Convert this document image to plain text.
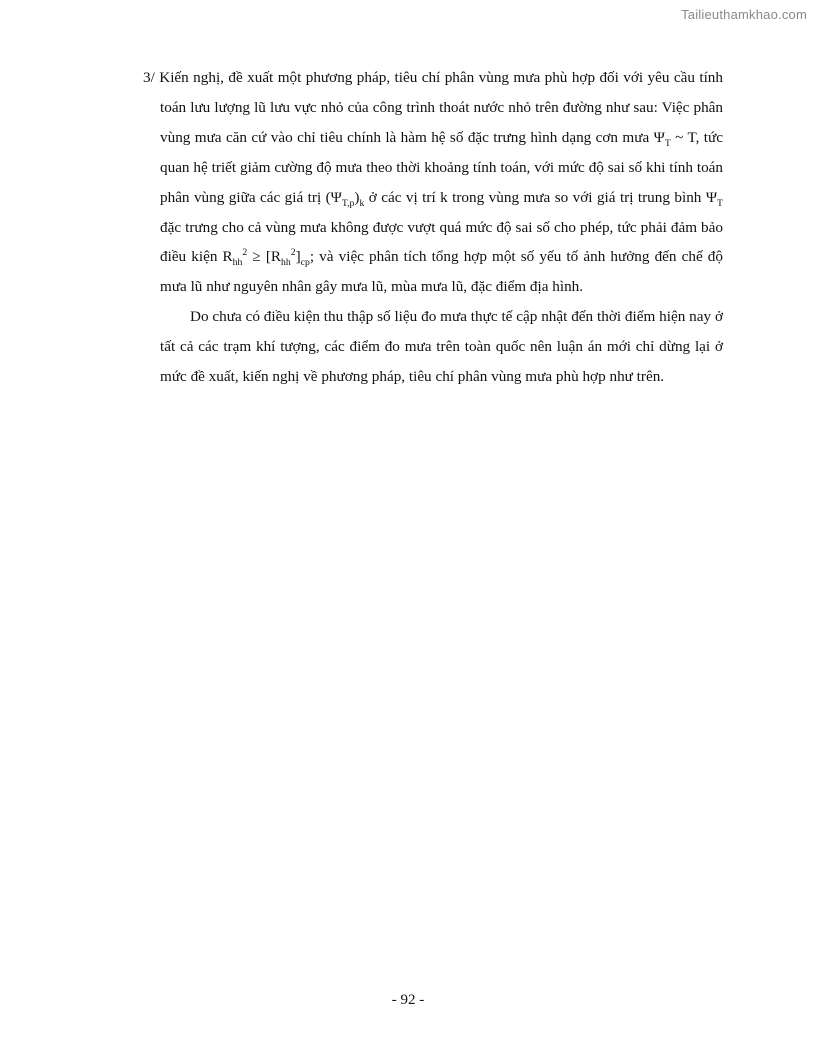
Tailieuthamkhao.com

3/ Kiến nghị, đề xuất một phương pháp, tiêu chí phân vùng mưa phù hợp đối với yêu cầu tính toán lưu lượng lũ lưu vực nhỏ của công trình thoát nước nhỏ trên đường như sau: Việc phân vùng mưa căn cứ vào chỉ tiêu chính là hàm hệ số đặc trưng hình dạng cơn mưa $\Psi_T$ ~ T, tức quan hệ triết giảm cường độ mưa theo thời khoảng tính toán, với mức độ sai số khi tính toán phân vùng giữa các giá trị $(\Psi_{T,p})_k$ ở các vị trí k trong vùng mưa so với giá trị trung bình $\Psi_T$ đặc trưng cho cả vùng mưa không được vượt quá mức độ sai số cho phép, tức phải đảm bảo điều kiện $R_{hh}^2 \ge [R_{hh}^2]_{cp}$; và việc phân tích tổng hợp một số yếu tố ảnh hưởng đến chế độ mưa lũ như nguyên nhân gây mưa lũ, mùa mưa lũ, đặc điểm địa hình.

Do chưa có điều kiện thu thập số liệu đo mưa thực tế cập nhật đến thời điểm hiện nay ở tất cả các trạm khí tượng, các điểm đo mưa trên toàn quốc nên luận án mới chỉ dừng lại ở mức đề xuất, kiến nghị về phương pháp, tiêu chí phân vùng mưa phù hợp như trên.

- 92 -
